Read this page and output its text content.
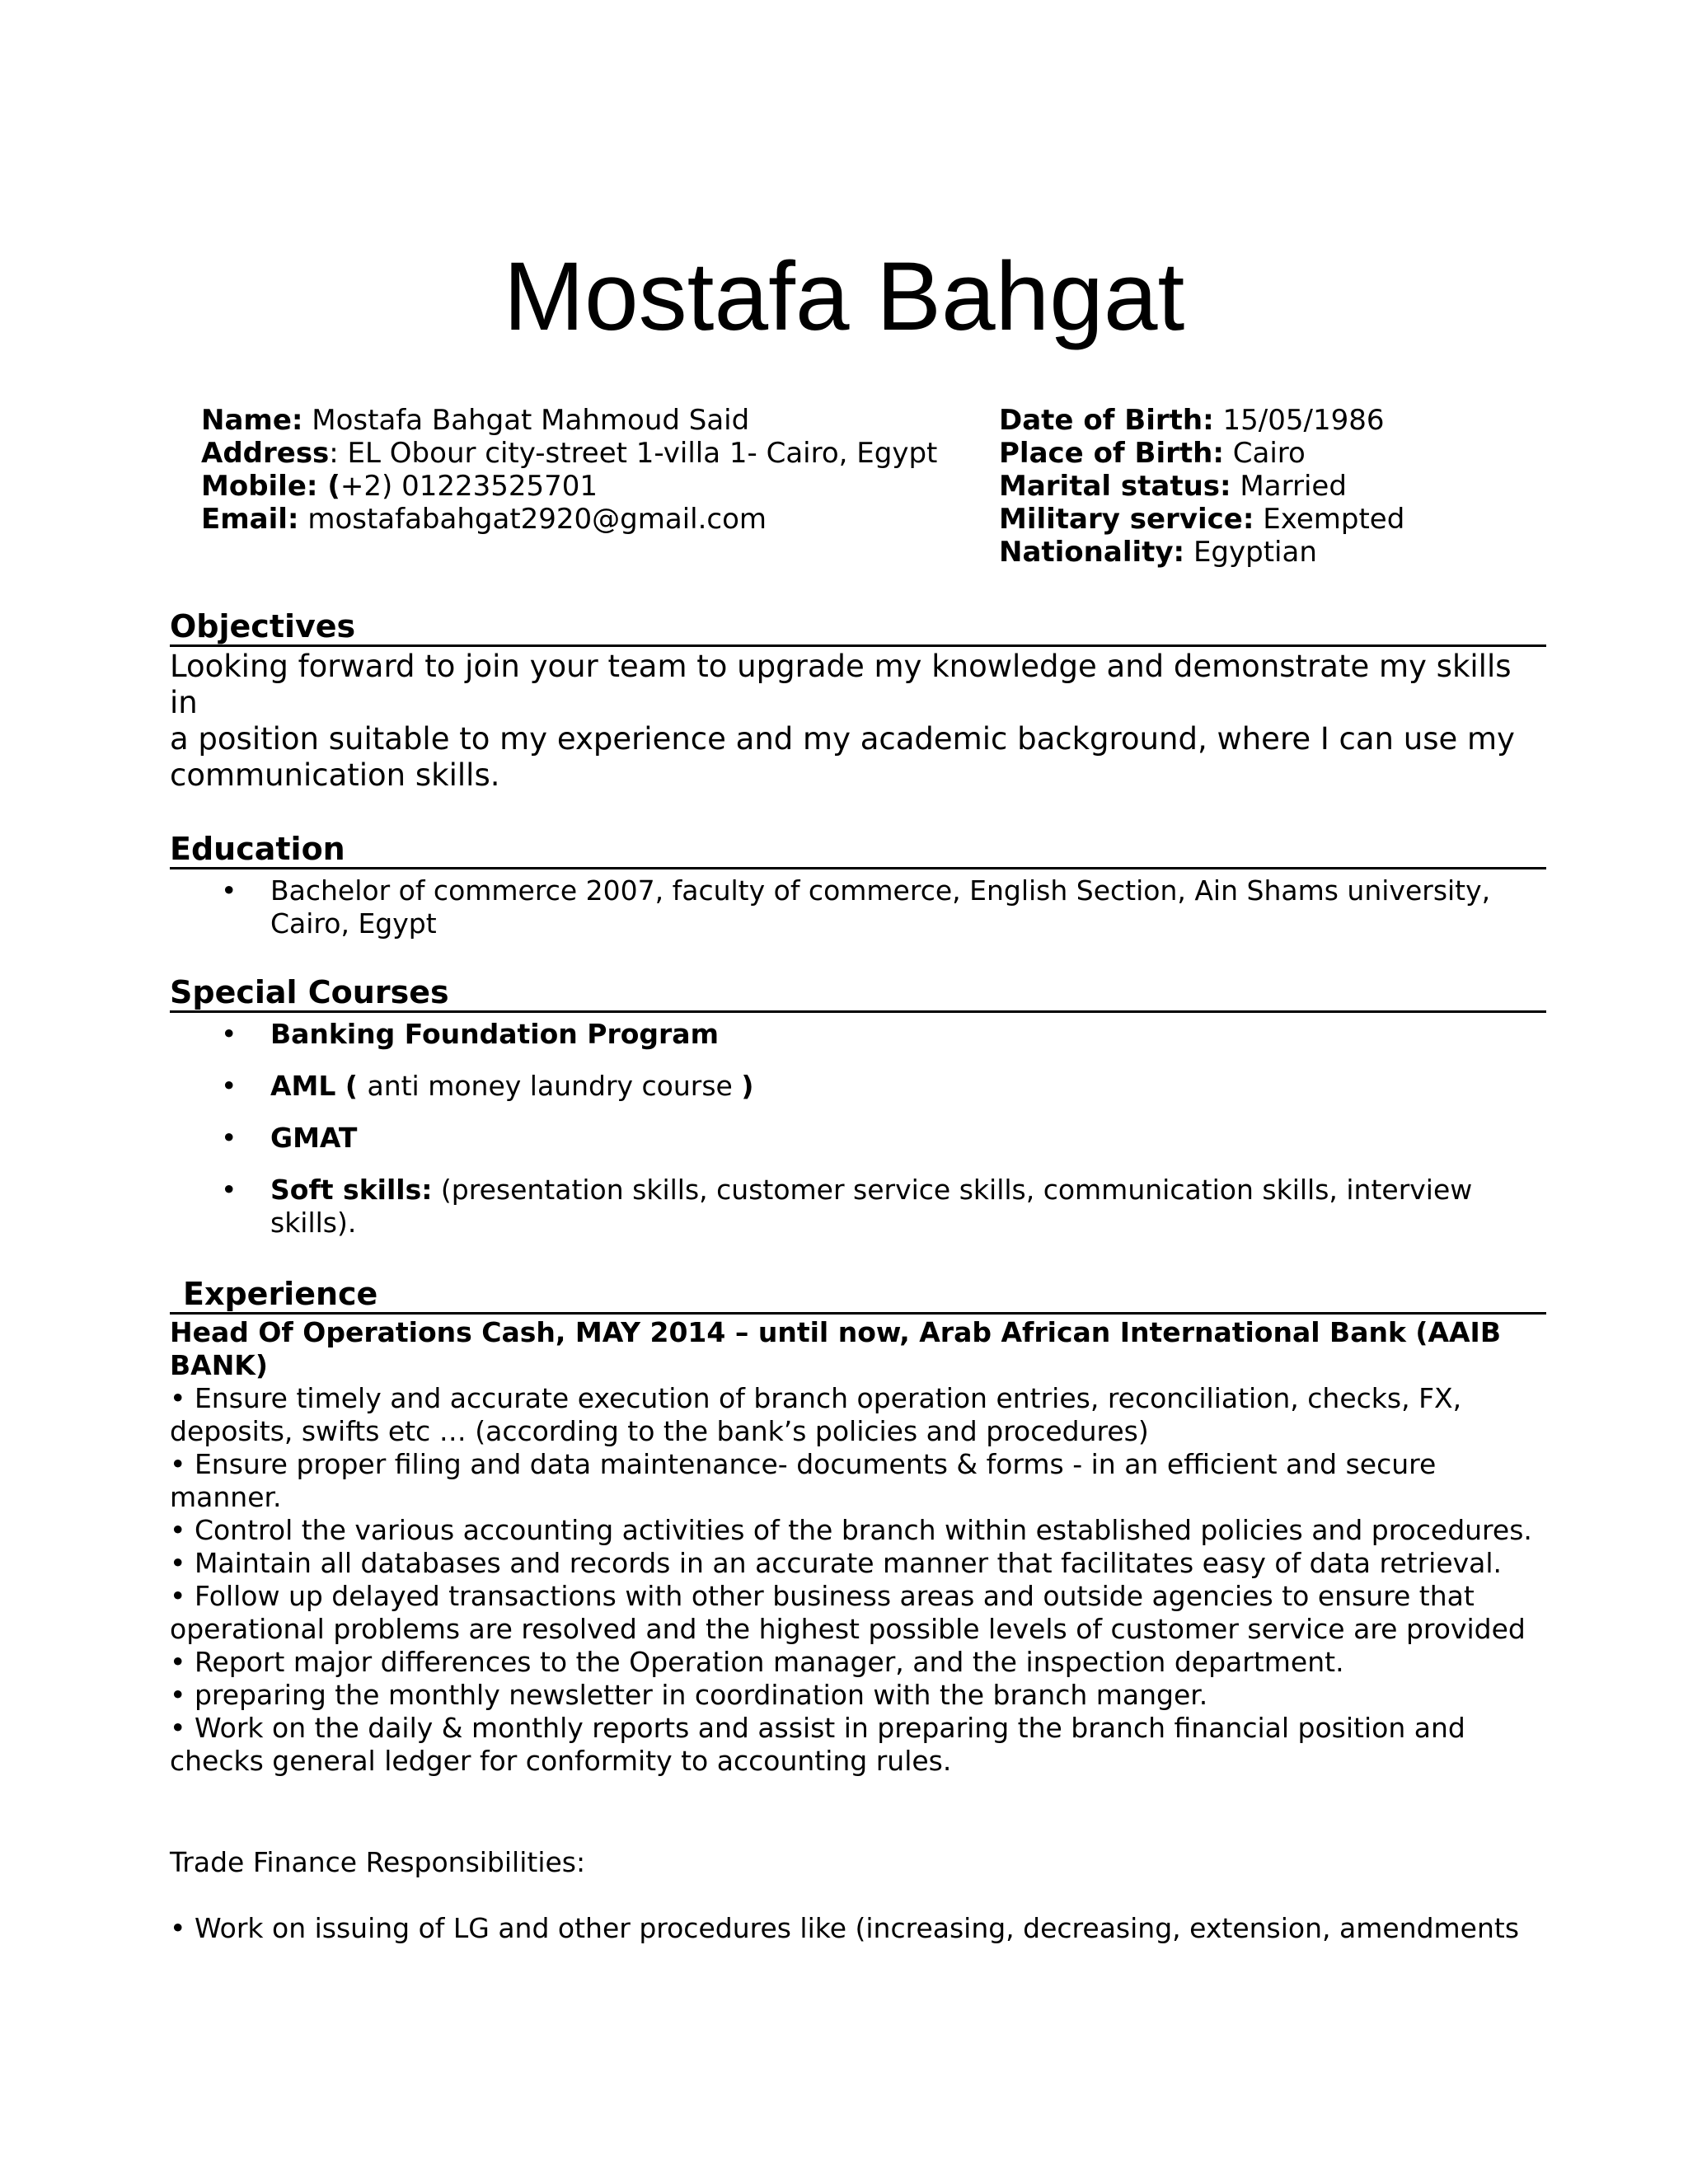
Mostafa Bahgat
Name: Mostafa Bahgat Mahmoud Said
Address: EL Obour city-street 1-villa 1- Cairo, Egypt
Mobile: (+2) 01223525701
Email: mostafabahgat2920@gmail.com
Date of Birth: 15/05/1986
Place of Birth: Cairo
Marital status: Married
Military service: Exempted
Nationality: Egyptian
Objectives

Looking forward to join your team to upgrade my knowledge and demonstrate my skills in
a position suitable to my experience and my academic background, where I can use my
communication skills.

Education
• Bachelor of commerce 2007, faculty of commerce, English Section, Ain Shams university,
Cairo, Egypt
Special Courses
• Banking Foundation Program
• AML ( anti money laundry course )
• GMAT
• Soft skills: (presentation skills, customer service skills, communication skills, interview
skills).
Experience

Head Of Operations Cash, MAY 2014 – until now, Arab African International Bank (AAIB
BANK)

• Ensure timely and accurate execution of branch operation entries, reconciliation, checks, FX,

deposits, swifts etc … (according to the bank’s policies and procedures)

• Ensure proper filing and data maintenance- documents & forms - in an efficient and secure

manner.

• Control the various accounting activities of the branch within established policies and procedures.

• Maintain all databases and records in an accurate manner that facilitates easy of data retrieval.

• Follow up delayed transactions with other business areas and outside agencies to ensure that

operational problems are resolved and the highest possible levels of customer service are provided

• Report major differences to the Operation manager, and the inspection department.

• preparing the monthly newsletter in coordination with the branch manger.

• Work on the daily & monthly reports and assist in preparing the branch financial position and

checks general ledger for conformity to accounting rules.

Trade Finance Responsibilities:
• Work on issuing of LG and other procedures like (increasing, decreasing, extension, amendments
